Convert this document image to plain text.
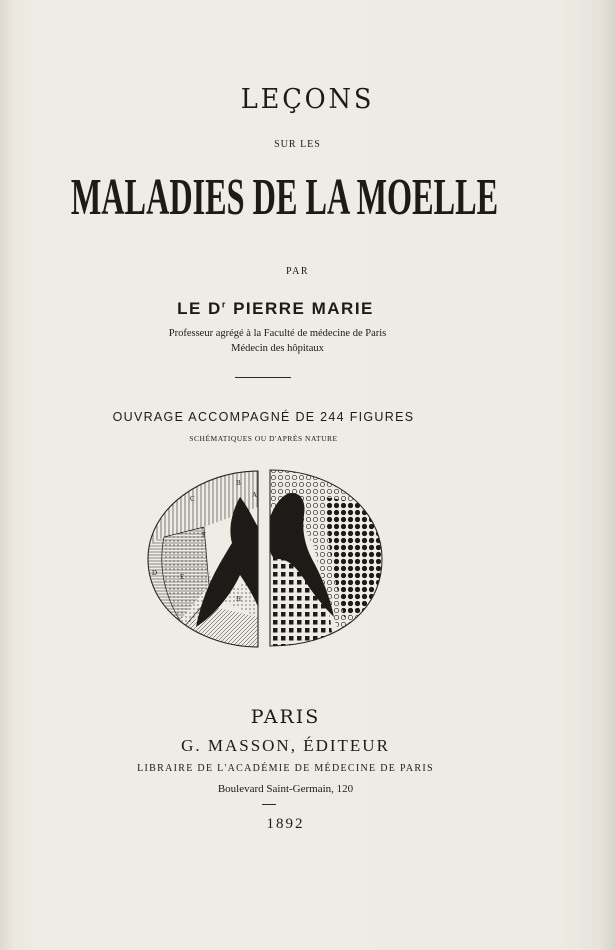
LEÇONS
SUR LES
MALADIES DE LA MOELLE
PAR
LE $D^r$ PIERRE MARIE
Professeur agrégé à la Faculté de médecine de Paris
Médecin des hôpitaux
OUVRAGE ACCOMPAGNÉ DE 244 FIGURES
SCHÉMATIQUES OU D'APRÈS NATURE
B
A
C
F
D	E
G
H
PARIS
G. MASSON, ÉDITEUR
LIBRAIRE DE L'ACADÉMIE DE MÉDECINE DE PARIS
Boulevard Saint-Germain, 120
1892
